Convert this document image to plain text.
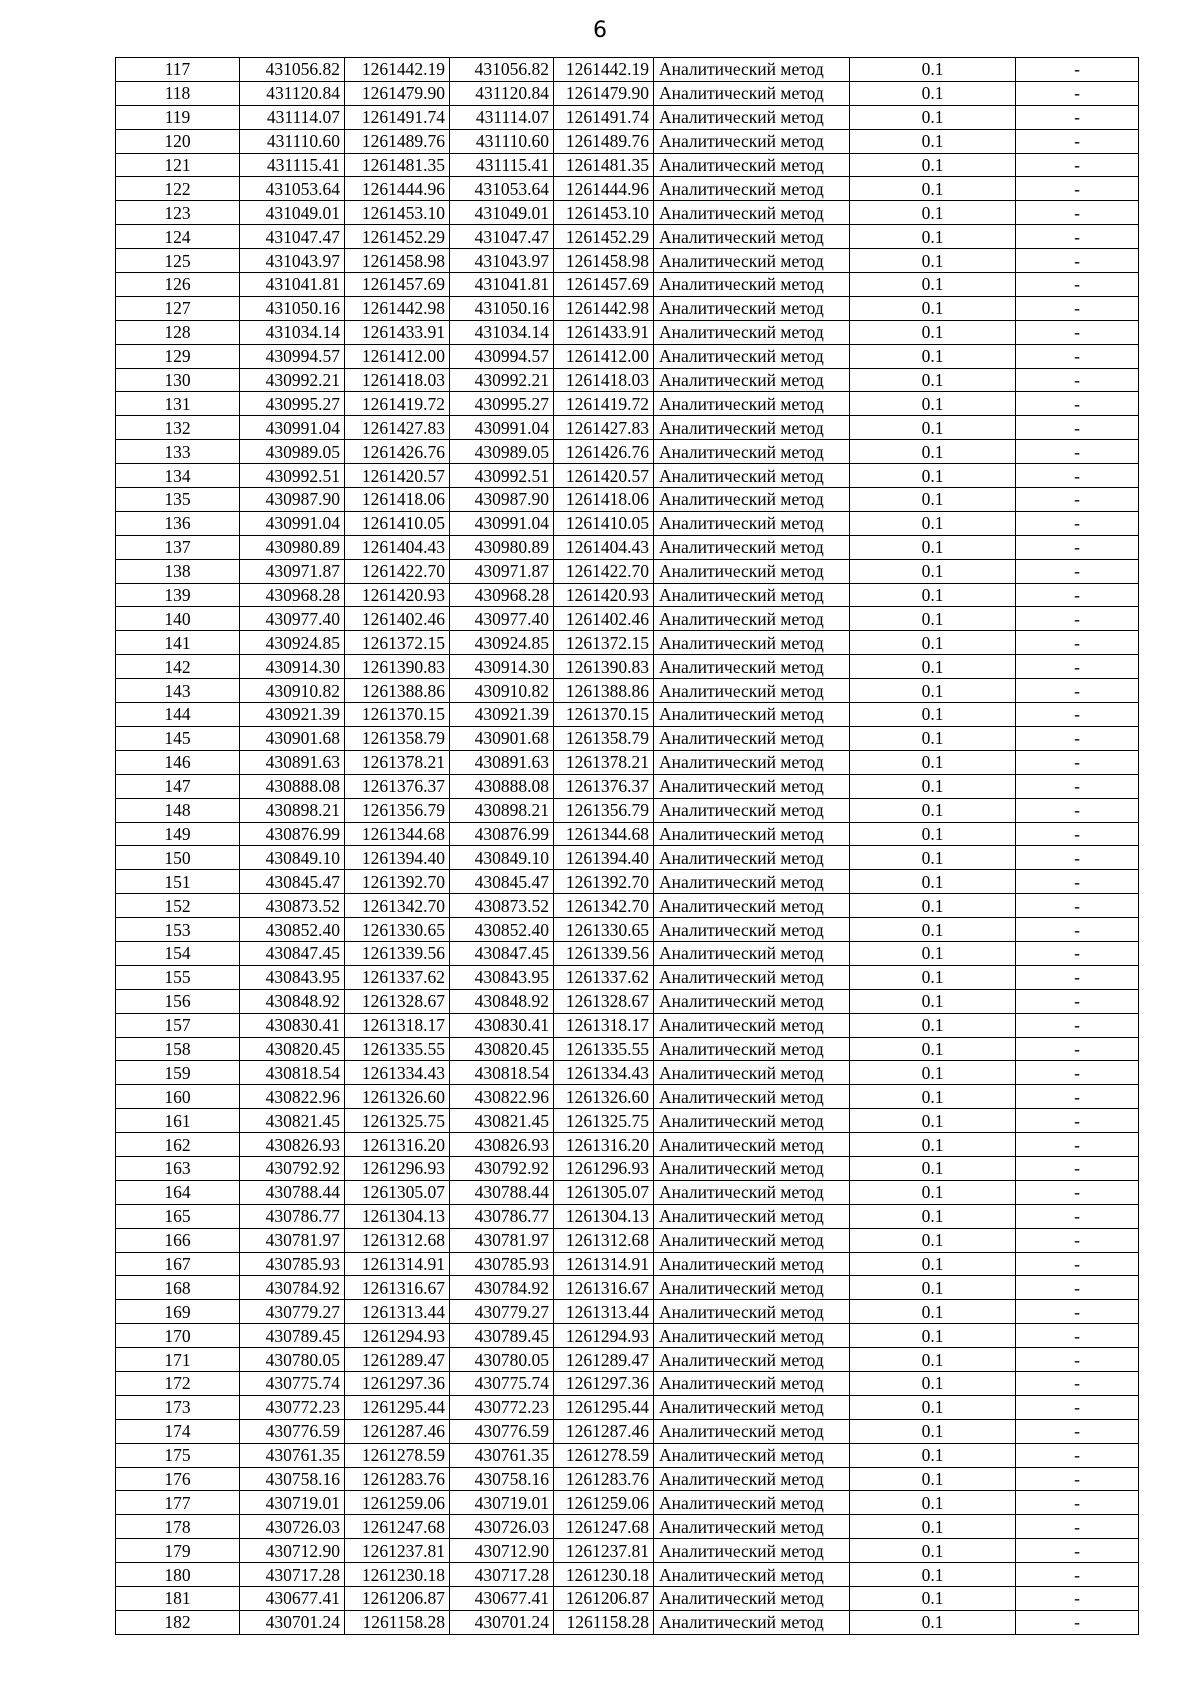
6
117	431056.82	1261442.19	431056.82	1261442.19	Аналитический метод	0.1	-
118	431120.84	1261479.90	431120.84	1261479.90	Аналитический метод	0.1	-
119	431114.07	1261491.74	431114.07	1261491.74	Аналитический метод	0.1	-
120	431110.60	1261489.76	431110.60	1261489.76	Аналитический метод	0.1	-
121	431115.41	1261481.35	431115.41	1261481.35	Аналитический метод	0.1	-
122	431053.64	1261444.96	431053.64	1261444.96	Аналитический метод	0.1	-
123	431049.01	1261453.10	431049.01	1261453.10	Аналитический метод	0.1	-
124	431047.47	1261452.29	431047.47	1261452.29	Аналитический метод	0.1	-
125	431043.97	1261458.98	431043.97	1261458.98	Аналитический метод	0.1	-
126	431041.81	1261457.69	431041.81	1261457.69	Аналитический метод	0.1	-
127	431050.16	1261442.98	431050.16	1261442.98	Аналитический метод	0.1	-
128	431034.14	1261433.91	431034.14	1261433.91	Аналитический метод	0.1	-
129	430994.57	1261412.00	430994.57	1261412.00	Аналитический метод	0.1	-
130	430992.21	1261418.03	430992.21	1261418.03	Аналитический метод	0.1	-
131	430995.27	1261419.72	430995.27	1261419.72	Аналитический метод	0.1	-
132	430991.04	1261427.83	430991.04	1261427.83	Аналитический метод	0.1	-
133	430989.05	1261426.76	430989.05	1261426.76	Аналитический метод	0.1	-
134	430992.51	1261420.57	430992.51	1261420.57	Аналитический метод	0.1	-
135	430987.90	1261418.06	430987.90	1261418.06	Аналитический метод	0.1	-
136	430991.04	1261410.05	430991.04	1261410.05	Аналитический метод	0.1	-
137	430980.89	1261404.43	430980.89	1261404.43	Аналитический метод	0.1	-
138	430971.87	1261422.70	430971.87	1261422.70	Аналитический метод	0.1	-
139	430968.28	1261420.93	430968.28	1261420.93	Аналитический метод	0.1	-
140	430977.40	1261402.46	430977.40	1261402.46	Аналитический метод	0.1	-
141	430924.85	1261372.15	430924.85	1261372.15	Аналитический метод	0.1	-
142	430914.30	1261390.83	430914.30	1261390.83	Аналитический метод	0.1	-
143	430910.82	1261388.86	430910.82	1261388.86	Аналитический метод	0.1	-
144	430921.39	1261370.15	430921.39	1261370.15	Аналитический метод	0.1	-
145	430901.68	1261358.79	430901.68	1261358.79	Аналитический метод	0.1	-
146	430891.63	1261378.21	430891.63	1261378.21	Аналитический метод	0.1	-
147	430888.08	1261376.37	430888.08	1261376.37	Аналитический метод	0.1	-
148	430898.21	1261356.79	430898.21	1261356.79	Аналитический метод	0.1	-
149	430876.99	1261344.68	430876.99	1261344.68	Аналитический метод	0.1	-
150	430849.10	1261394.40	430849.10	1261394.40	Аналитический метод	0.1	-
151	430845.47	1261392.70	430845.47	1261392.70	Аналитический метод	0.1	-
152	430873.52	1261342.70	430873.52	1261342.70	Аналитический метод	0.1	-
153	430852.40	1261330.65	430852.40	1261330.65	Аналитический метод	0.1	-
154	430847.45	1261339.56	430847.45	1261339.56	Аналитический метод	0.1	-
155	430843.95	1261337.62	430843.95	1261337.62	Аналитический метод	0.1	-
156	430848.92	1261328.67	430848.92	1261328.67	Аналитический метод	0.1	-
157	430830.41	1261318.17	430830.41	1261318.17	Аналитический метод	0.1	-
158	430820.45	1261335.55	430820.45	1261335.55	Аналитический метод	0.1	-
159	430818.54	1261334.43	430818.54	1261334.43	Аналитический метод	0.1	-
160	430822.96	1261326.60	430822.96	1261326.60	Аналитический метод	0.1	-
161	430821.45	1261325.75	430821.45	1261325.75	Аналитический метод	0.1	-
162	430826.93	1261316.20	430826.93	1261316.20	Аналитический метод	0.1	-
163	430792.92	1261296.93	430792.92	1261296.93	Аналитический метод	0.1	-
164	430788.44	1261305.07	430788.44	1261305.07	Аналитический метод	0.1	-
165	430786.77	1261304.13	430786.77	1261304.13	Аналитический метод	0.1	-
166	430781.97	1261312.68	430781.97	1261312.68	Аналитический метод	0.1	-
167	430785.93	1261314.91	430785.93	1261314.91	Аналитический метод	0.1	-
168	430784.92	1261316.67	430784.92	1261316.67	Аналитический метод	0.1	-
169	430779.27	1261313.44	430779.27	1261313.44	Аналитический метод	0.1	-
170	430789.45	1261294.93	430789.45	1261294.93	Аналитический метод	0.1	-
171	430780.05	1261289.47	430780.05	1261289.47	Аналитический метод	0.1	-
172	430775.74	1261297.36	430775.74	1261297.36	Аналитический метод	0.1	-
173	430772.23	1261295.44	430772.23	1261295.44	Аналитический метод	0.1	-
174	430776.59	1261287.46	430776.59	1261287.46	Аналитический метод	0.1	-
175	430761.35	1261278.59	430761.35	1261278.59	Аналитический метод	0.1	-
176	430758.16	1261283.76	430758.16	1261283.76	Аналитический метод	0.1	-
177	430719.01	1261259.06	430719.01	1261259.06	Аналитический метод	0.1	-
178	430726.03	1261247.68	430726.03	1261247.68	Аналитический метод	0.1	-
179	430712.90	1261237.81	430712.90	1261237.81	Аналитический метод	0.1	-
180	430717.28	1261230.18	430717.28	1261230.18	Аналитический метод	0.1	-
181	430677.41	1261206.87	430677.41	1261206.87	Аналитический метод	0.1	-
182	430701.24	1261158.28	430701.24	1261158.28	Аналитический метод	0.1	-
